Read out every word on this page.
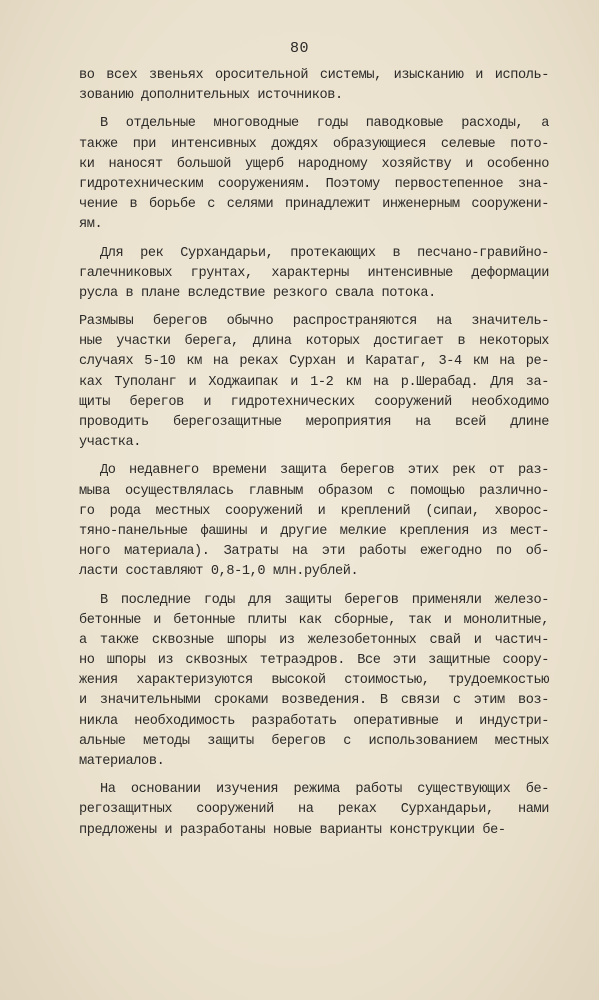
80
во всех звеньях оросительной системы, изысканию и исполь-
зованию дополнительных источников.
В отдельные многоводные годы паводковые расходы, а
также при интенсивных дождях образующиеся селевые пото-
ки наносят большой ущерб народному хозяйству и особенно
гидротехническим сооружениям. Поэтому первостепенное зна-
чение в борьбе с селями принадлежит инженерным сооружени-
ям.
Для рек Сурхандарьи, протекающих в песчано-гравийно-
галечниковых грунтах, характерны интенсивные деформации
русла в плане вследствие резкого свала потока.
Размывы берегов обычно распространяются на значитель-
ные участки берега, длина которых достигает в некоторых
случаях 5-10 км на реках Сурхан и Каратаг, 3-4 км на ре-
ках Туполанг и Ходжаипак и 1-2 км на р.Шерабад. Для за-
щиты берегов и гидротехнических сооружений необходимо
проводить берегозащитные мероприятия на всей длине
участка.
До недавнего времени защита берегов этих рек от раз-
мыва осуществлялась главным образом с помощью различно-
го рода местных сооружений и креплений (сипаи, хворос-
тяно-панельные фашины и другие мелкие крепления из мест-
ного материала). Затраты на эти работы ежегодно по об-
ласти составляют 0,8-1,0 млн.рублей.
В последние годы для защиты берегов применяли железо-
бетонные и бетонные плиты как сборные, так и монолитные,
а также сквозные шпоры из железобетонных свай и частич-
но шпоры из сквозных тетраэдров. Все эти защитные соору-
жения характеризуются высокой стоимостью, трудоемкостью
и значительными сроками возведения. В связи с этим воз-
никла необходимость разработать оперативные и индустри-
альные методы защиты берегов с использованием местных
материалов.
На основании изучения режима работы существующих бе-
регозащитных сооружений на реках Сурхандарьи, нами
предложены и разработаны новые варианты конструкции бе-
